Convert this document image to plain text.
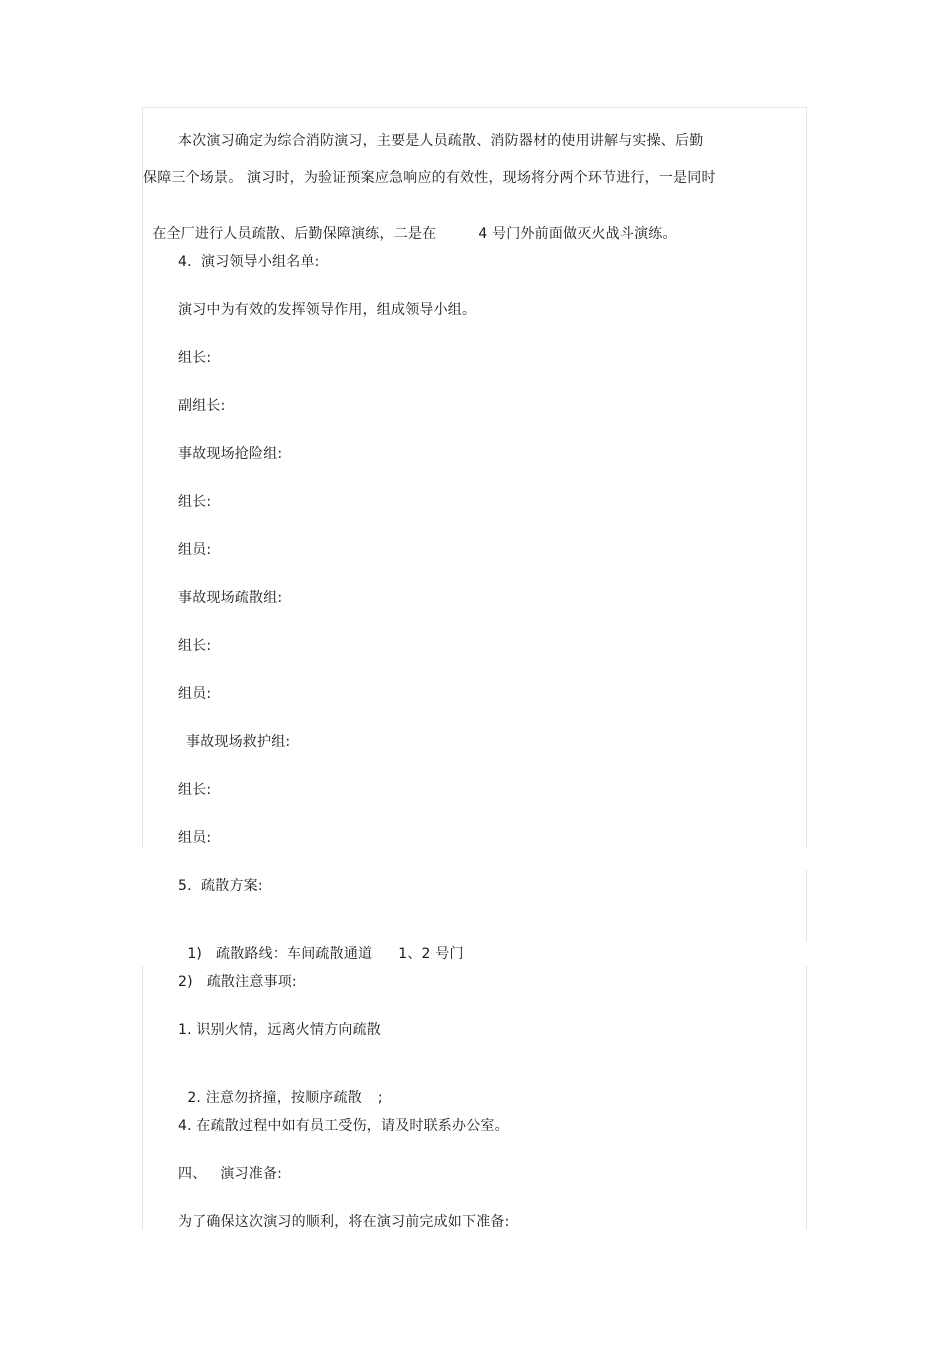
本次演习确定为综合消防演习，主要是人员疏散、消防器材的使用讲解与实操、后勤
保障三个场景。 演习时，为验证预案应急响应的有效性，现场将分两个环节进行，一是同时

在全厂进行人员疏散、后勤保障演练，二是在	4 号门外前面做灭火战斗演练。

4.  演习领导小组名单:
演习中为有效的发挥领导作用，组成领导小组。
组长:
副组长:
事故现场抢险组:
组长:
组员:
事故现场疏散组:
组长:
组员:
事故现场救护组:
组长:
组员:
5.  疏散方案:

1)   疏散路线：车间疏散通道 1、2 号门

2)   疏散注意事项:
1. 识别火情，远离火情方向疏散

2. 注意勿挤撞，按顺序疏散 ;

4. 在疏散过程中如有员工受伤，请及时联系办公室。
四、   演习准备:
为了确保这次演习的顺利，将在演习前完成如下准备:
